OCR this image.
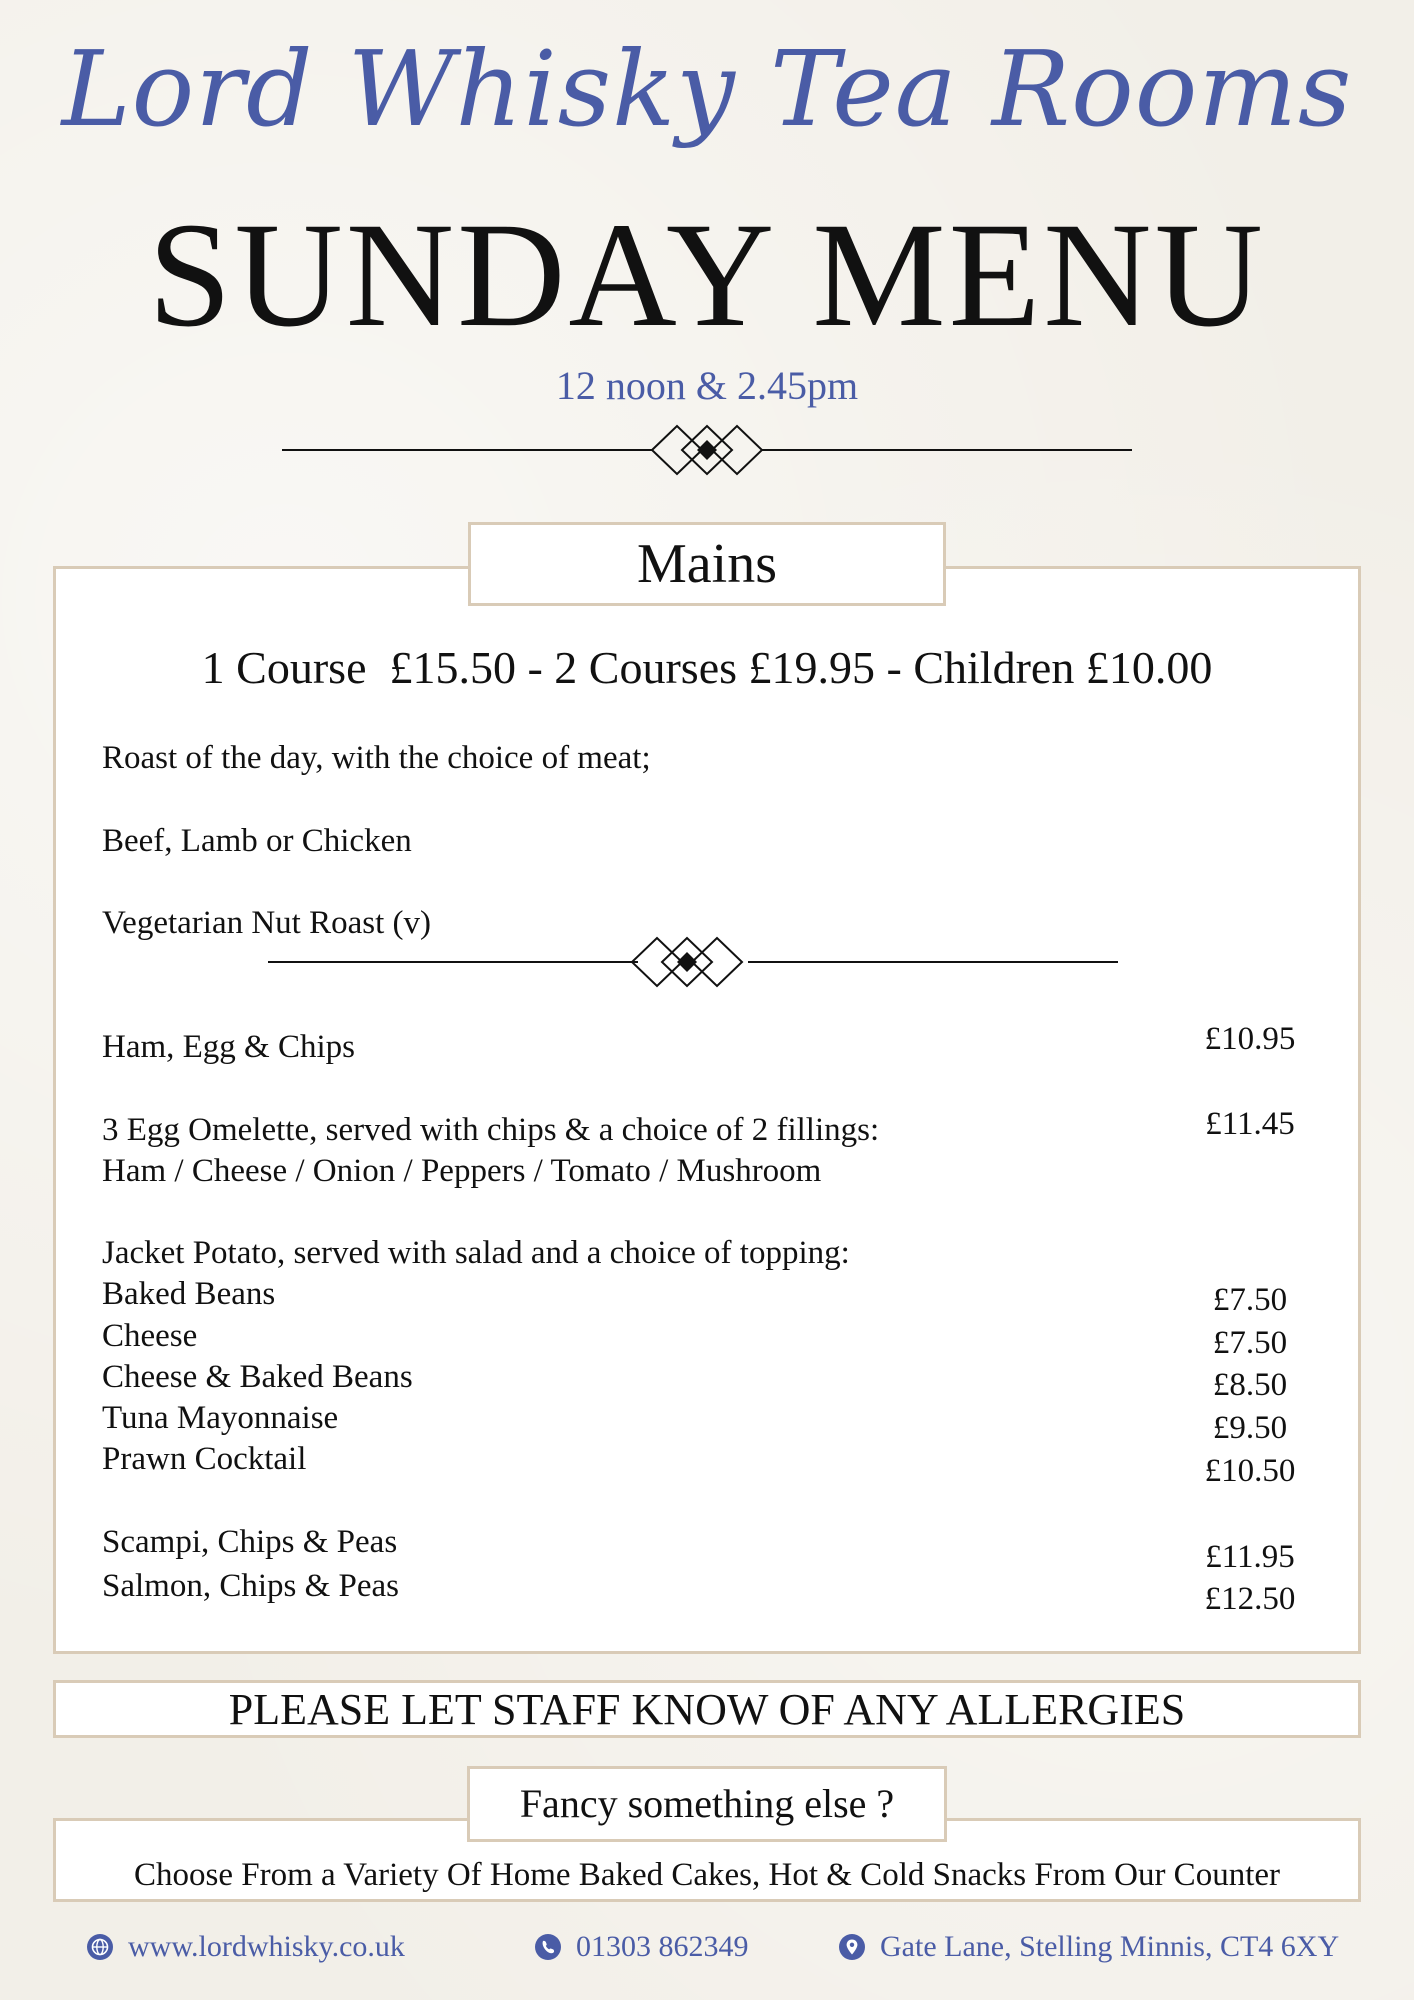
Lord Whisky Tea Rooms
SUNDAY MENU
12 noon & 2.45pm
Mains
1 Course  £15.50 - 2 Courses £19.95 - Children £10.00
Roast of the day, with the choice of meat;
Beef, Lamb or Chicken
Vegetarian Nut Roast (v)
Ham, Egg & Chips	£10.95
3 Egg Omelette, served with chips & a choice of 2 fillings:	£11.45
Ham / Cheese / Onion / Peppers / Tomato / Mushroom
Jacket Potato, served with salad and a choice of topping:
Baked Beans	£7.50
Cheese	£7.50
Cheese & Baked Beans	£8.50
Tuna Mayonnaise	£9.50
Prawn Cocktail	£10.50
Scampi, Chips & Peas	£11.95
Salmon, Chips & Peas	£12.50
PLEASE LET STAFF KNOW OF ANY ALLERGIES
Choose From a Variety Of Home Baked Cakes, Hot & Cold Snacks From Our Counter
Fancy something else ?
www.lordwhisky.co.uk	01303 862349	Gate Lane, Stelling Minnis, CT4 6XY
